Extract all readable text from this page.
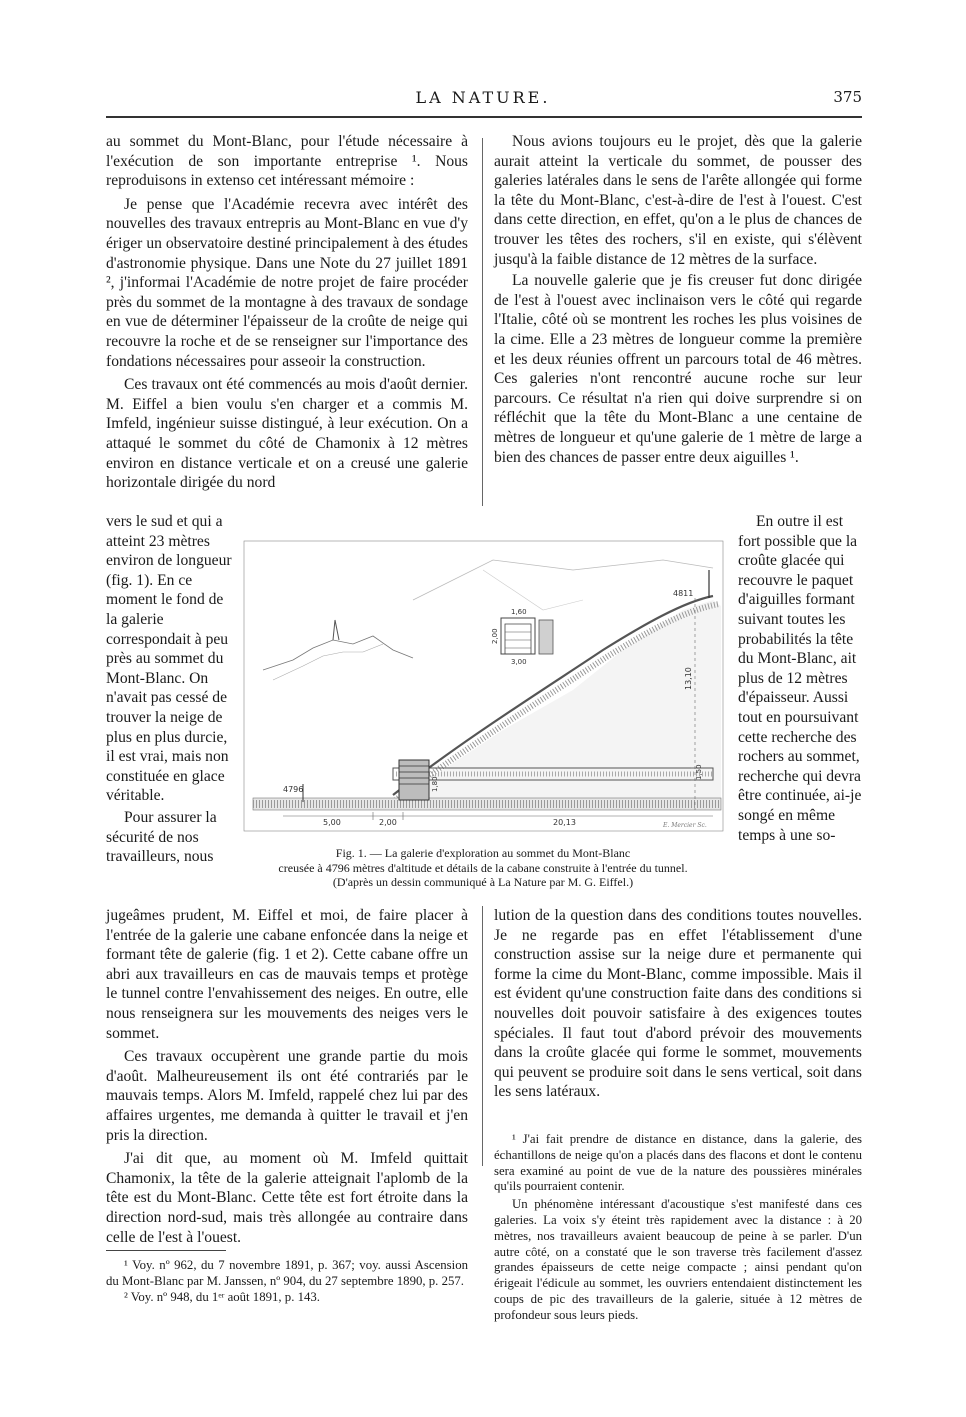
LA NATURE.	375

au sommet du Mont-Blanc, pour l'étude nécessaire à l'exécution de son importante entreprise ¹. Nous reproduisons in extenso cet intéressant mémoire :

Je pense que l'Académie recevra avec intérêt des nouvelles des travaux entrepris au Mont-Blanc en vue d'y ériger un observatoire destiné principalement à des études d'astronomie physique. Dans une Note du 27 juillet 1891 ², j'informai l'Académie de notre projet de faire procéder près du sommet de la montagne à des travaux de sondage en vue de déterminer l'épaisseur de la croûte de neige qui recouvre la roche et de se renseigner sur l'importance des fondations nécessaires pour asseoir la construction.

Ces travaux ont été commencés au mois d'août dernier. M. Eiffel a bien voulu s'en charger et a commis M. Imfeld, ingénieur suisse distingué, à leur exécution. On a attaqué le sommet du côté de Chamonix à 12 mètres environ en distance verticale et on a creusé une galerie horizontale dirigée du nord

vers le sud et qui a atteint 23 mètres environ de longueur (fig. 1). En ce moment le fond de la galerie correspondait à peu près au sommet du Mont-Blanc. On n'avait pas cessé de trouver la neige de plus en plus durcie, il est vrai, mais non constituée en glace véritable.

Pour assurer la sécurité de nos travailleurs, nous

4811
4796
13,10
1,50
5,00	2,00	20,13
1,60
2,00
3,00
1,80
E. Mercier Sc.

Fig. 1. — La galerie d'exploration au sommet du Mont-Blanc

creusée à 4796 mètres d'altitude et détails de la cabane construite à l'entrée du tunnel.

(D'après un dessin communiqué à La Nature par M. G. Eiffel.)

jugeâmes prudent, M. Eiffel et moi, de faire placer à l'entrée de la galerie une cabane enfoncée dans la neige et formant tête de galerie (fig. 1 et 2). Cette cabane offre un abri aux travailleurs en cas de mauvais temps et protège le tunnel contre l'envahissement des neiges. En outre, elle nous renseignera sur les mouvements des neiges vers le sommet.

Ces travaux occupèrent une grande partie du mois d'août. Malheureusement ils ont été contrariés par le mauvais temps. Alors M. Imfeld, rappelé chez lui par des affaires urgentes, me demanda à quitter le travail et j'en pris la direction.

J'ai dit que, au moment où M. Imfeld quittait Chamonix, la tête de la galerie atteignait l'aplomb de la tête est du Mont-Blanc. Cette tête est fort étroite dans la direction nord-sud, mais très allongée au contraire dans celle de l'est à l'ouest.

¹ Voy. nº 962, du 7 novembre 1891, p. 367; voy. aussi Ascension du Mont-Blanc par M. Janssen, nº 904, du 27 septembre 1890, p. 257.

² Voy. nº 948, du 1ᵉʳ août 1891, p. 143.

Nous avions toujours eu le projet, dès que la galerie aurait atteint la verticale du sommet, de pousser des galeries latérales dans le sens de l'arête allongée qui forme la tête du Mont-Blanc, c'est-à-dire de l'est à l'ouest. C'est dans cette direction, en effet, qu'on a le plus de chances de trouver les têtes des rochers, s'il en existe, qui s'élèvent jusqu'à la faible distance de 12 mètres de la surface.

La nouvelle galerie que je fis creuser fut donc dirigée de l'est à l'ouest avec inclinaison vers le côté qui regarde l'Italie, côté où se montrent les roches les plus voisines de la cime. Elle a 23 mètres de longueur comme la première et les deux réunies offrent un parcours total de 46 mètres. Ces galeries n'ont rencontré aucune roche sur leur parcours. Ce résultat n'a rien qui doive surprendre si on réfléchit que la tête du Mont-Blanc a une centaine de mètres de longueur et qu'une galerie de 1 mètre de large a bien des chances de passer entre deux aiguilles ¹.

En outre il est fort possible que la croûte glacée qui recouvre le paquet d'aiguilles formant suivant toutes les probabilités la tête du Mont-Blanc, ait plus de 12 mètres d'épaisseur. Aussi tout en poursuivant cette recherche des rochers au sommet, recherche qui devra être continuée, ai-je songé en même temps à une so-

lution de la question dans des conditions toutes nouvelles. Je ne regarde pas en effet l'établissement d'une construction assise sur la neige dure et permanente qui forme la cime du Mont-Blanc, comme impossible. Mais il est évident qu'une construction faite dans des conditions si nouvelles doit pouvoir satisfaire à des exigences toutes spéciales. Il faut tout d'abord prévoir des mouvements dans la croûte glacée qui forme le sommet, mouvements qui peuvent se produire soit dans le sens vertical, soit dans les sens latéraux.

¹ J'ai fait prendre de distance en distance, dans la galerie, des échantillons de neige qu'on a placés dans des flacons et dont le contenu sera examiné au point de vue de la nature des poussières minérales qu'ils pourraient contenir.

Un phénomène intéressant d'acoustique s'est manifesté dans ces galeries. La voix s'y éteint très rapidement avec la distance : à 20 mètres, nos travailleurs avaient beaucoup de peine à se parler. D'un autre côté, on a constaté que le son traverse très facilement d'assez grandes épaisseurs de cette neige compacte ; ainsi pendant qu'on érigeait l'édicule au sommet, les ouvriers entendaient distinctement les coups de pic des travailleurs de la galerie, située à 12 mètres de profondeur sous leurs pieds.
